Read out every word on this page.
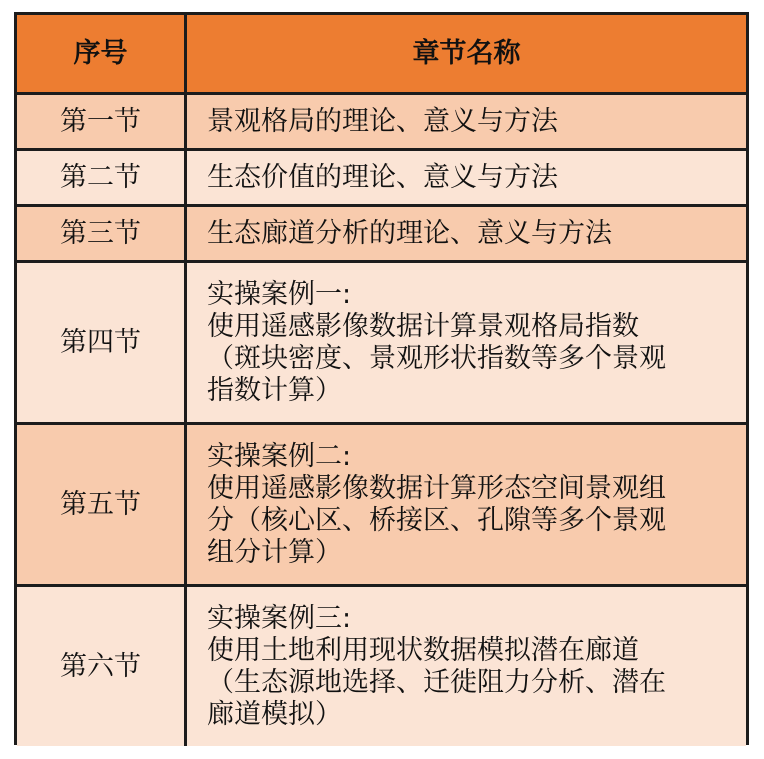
序号	章节名称
第一节	景观格局的理论、意义与方法

第二节	生态价值的理论、意义与方法

第三节	生态廊道分析的理论、意义与方法

第四节	实操案例一:
使用遥感影像数据计算景观格局指数
（斑块密度、景观形状指数等多个景观
指数计算）

第五节	实操案例二:
使用遥感影像数据计算形态空间景观组
分（核心区、桥接区、孔隙等多个景观
组分计算）

第六节	实操案例三:
使用土地利用现状数据模拟潜在廊道
（生态源地选择、迁徙阻力分析、潜在
廊道模拟）
